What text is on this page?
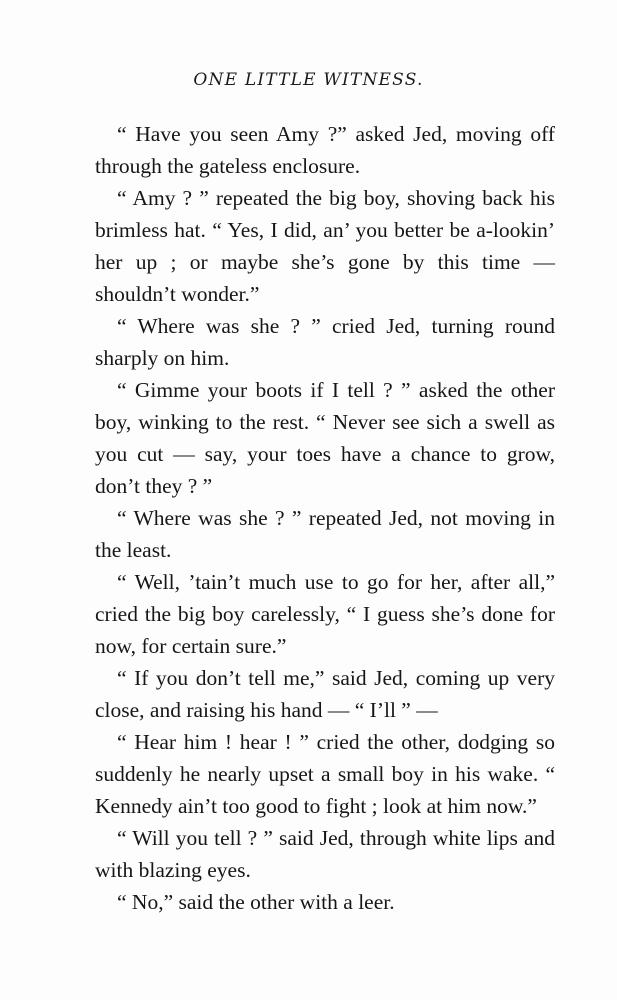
ONE LITTLE WITNESS.

“ Have you seen Amy ?” asked Jed, moving off through the gateless enclosure.

“ Amy ? ” repeated the big boy, shoving back his brimless hat. “ Yes, I did, an’ you better be a-lookin’ her up ; or maybe she’s gone by this time — shouldn’t wonder.”

“ Where was she ? ” cried Jed, turning round sharply on him.

“ Gimme your boots if I tell ? ” asked the other boy, winking to the rest. “ Never see sich a swell as you cut — say, your toes have a chance to grow, don’t they ? ”

“ Where was she ? ” repeated Jed, not moving in the least.

“ Well, ’tain’t much use to go for her, after all,” cried the big boy carelessly, “ I guess she’s done for now, for certain sure.”

“ If you don’t tell me,” said Jed, coming up very close, and raising his hand — “ I’ll ” —

“ Hear him ! hear ! ” cried the other, dodging so suddenly he nearly upset a small boy in his wake. “ Kennedy ain’t too good to fight ; look at him now.”

“ Will you tell ? ” said Jed, through white lips and with blazing eyes.

“ No,” said the other with a leer.
